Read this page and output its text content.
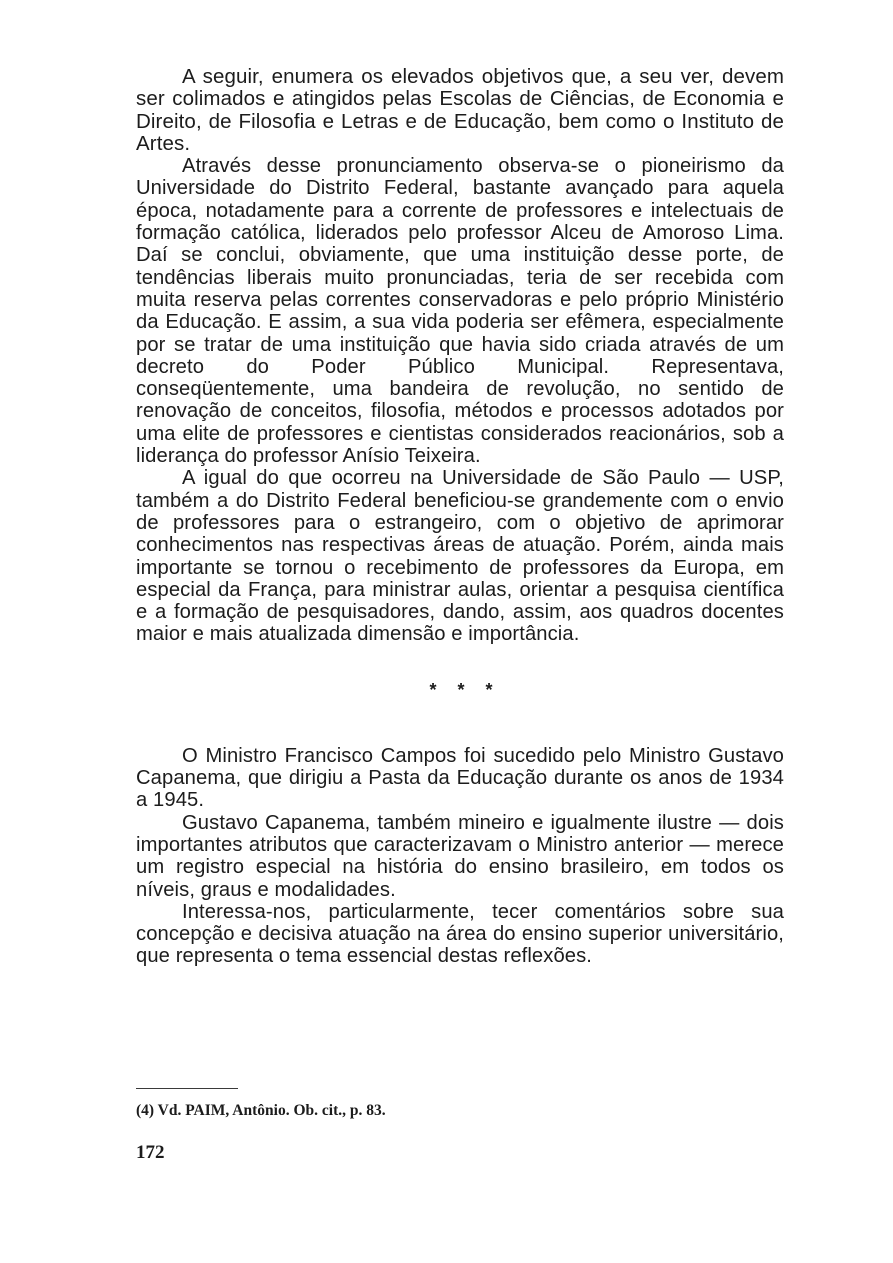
A seguir, enumera os elevados objetivos que, a seu ver, devem ser colimados e atingidos pelas Escolas de Ciências, de Economia e Direito, de Filosofia e Letras e de Educação, bem como o Instituto de Artes.

Através desse pronunciamento observa-se o pioneirismo da Universidade do Distrito Federal, bastante avançado para aquela época, notadamente para a corrente de professores e intelectuais de formação católica, liderados pelo professor Alceu de Amoroso Lima. Daí se conclui, obviamente, que uma instituição desse porte, de tendências liberais muito pronunciadas, teria de ser recebida com muita reserva pelas correntes conservadoras e pelo próprio Ministério da Educação. E assim, a sua vida poderia ser efêmera, especialmente por se tratar de uma instituição que havia sido criada através de um decreto do Poder Público Municipal. Representava, conseqüentemente, uma bandeira de revolução, no sentido de renovação de conceitos, filosofia, métodos e processos adotados por uma elite de professores e cientistas considerados reacionários, sob a liderança do professor Anísio Teixeira.

A igual do que ocorreu na Universidade de São Paulo — USP, também a do Distrito Federal beneficiou-se grandemente com o envio de professores para o estrangeiro, com o objetivo de aprimorar conhecimentos nas respectivas áreas de atuação. Porém, ainda mais importante se tornou o recebimento de professores da Europa, em especial da França, para ministrar aulas, orientar a pesquisa científica e a formação de pesquisadores, dando, assim, aos quadros docentes maior e mais atualizada dimensão e importância.

* * *

O Ministro Francisco Campos foi sucedido pelo Ministro Gustavo Capanema, que dirigiu a Pasta da Educação durante os anos de 1934 a 1945.

Gustavo Capanema, também mineiro e igualmente ilustre — dois importantes atributos que caracterizavam o Ministro anterior — merece um registro especial na história do ensino brasileiro, em todos os níveis, graus e modalidades.

Interessa-nos, particularmente, tecer comentários sobre sua concepção e decisiva atuação na área do ensino superior universitário, que representa o tema essencial destas reflexões.

(4) Vd. PAIM, Antônio. Ob. cit., p. 83.

172
